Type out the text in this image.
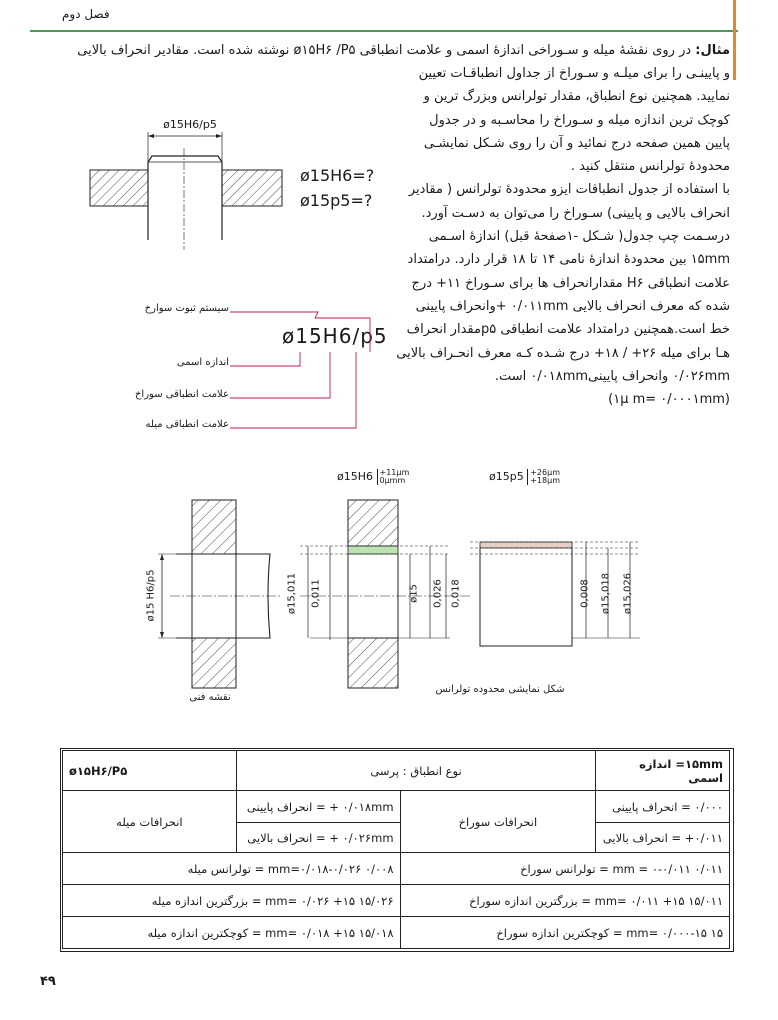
فصل دوم
مثال: در روی نقشۀ میله و سـوراخی اندازۀ اسمی و علامت انطباقی ø۱۵H۶ /P۵ نوشته شده است. مقادیر انحراف بالایی
و پایینـی را برای میلـه و سـوراخ از جداول انطباقـات تعیین
نمایید. همچنین نوع انطباق، مقدار تولرانس وبزرگ ترین و
کوچک ترین اندازه میله و سـوراخ را محاسـبه و در جدول
پایین همین صفحه درج نمائید و آن را روی شـکل نمایشـی
محدودۀ تولرانس منتقل کنید .
با استفاده از جدول انطباقات ایزو محدودۀ تولرانس ( مقادیر
انحراف بالایی و پایینی) سـوراخ را می‌توان به دسـت آورد.
درسـمت چپ جدول( شـکل -١صفحۀ قبل) اندازۀ اسـمی
۱۵mm بین محدودۀ اندازۀ نامی ۱۴ تا ۱۸ قرار دارد. درامتداد
علامت انطباقی H۶ مقدارانحراف ها برای سـوراخ ۱۱+ درج
شده که معرف انحراف بالایی ۰/۰۱۱mm +وانحراف پایینی
خط است.همچنین درامتداد علامت انطباقی p۵مقدار انحراف
هـا برای میله ۲۶+ / ۱۸+ درج شـده کـه معرف انحـراف بالایی
۰/۰۲۶mm وانحراف پایینی۰/۰۱۸mm است.
(۱µ m= ۰/۰۰۰۱mm)
ø15H6/p5
ø15H6=?
ø15p5=?
ø15H6/p5
سیستم ثبوت سوارخ
اندازه اسمی
علامت انطباقی سوراخ
علامت انطباقی میله
ø15H6 +11µm
0µmm	ø15p5 +26µm
+18µm
ø15 H6/p5	ø15,011 0,011	ø15 0,026 0,018	0,008 ø15,018 ø15,026
نقشه فنی
شکل نمایشی محدوده تولرانس
۱۵mm= اندازه اسمی	نوع انطباق : پرسی		ø۱۵H۶/P۵
۰/۰۰۰ = انحراف پایینی	انحرافات سوراخ	۰/۰۱۸mm + = انحراف پایینی	انحرافات میله
۰/۰۱۱+ = انحراف بالایی		۰/۰۲۶mm + = انحراف بالایی	
۰/۰۱۱ mm = ۰-۰/۰۱۱ = تولرانس سوراخ		۰/۰۰۸ mm=۰/۰۱۸-۰/۰۲۶ = تولرانس میله	
۱۵/۰۱۱ mm= ۰/۰۱۱ +۱۵ = بزرگترین اندازه سوراخ		۱۵/۰۲۶ mm= ۰/۰۲۶ +۱۵ = بزرگترین اندازه میله	
۱۵ mm= ۰/۰۰۰-۱۵ = کوچکترین اندازه سوراخ		۱۵/۰۱۸ mm= ۰/۰۱۸ +۱۵ = کوچکترین اندازه میله	
۴۹
